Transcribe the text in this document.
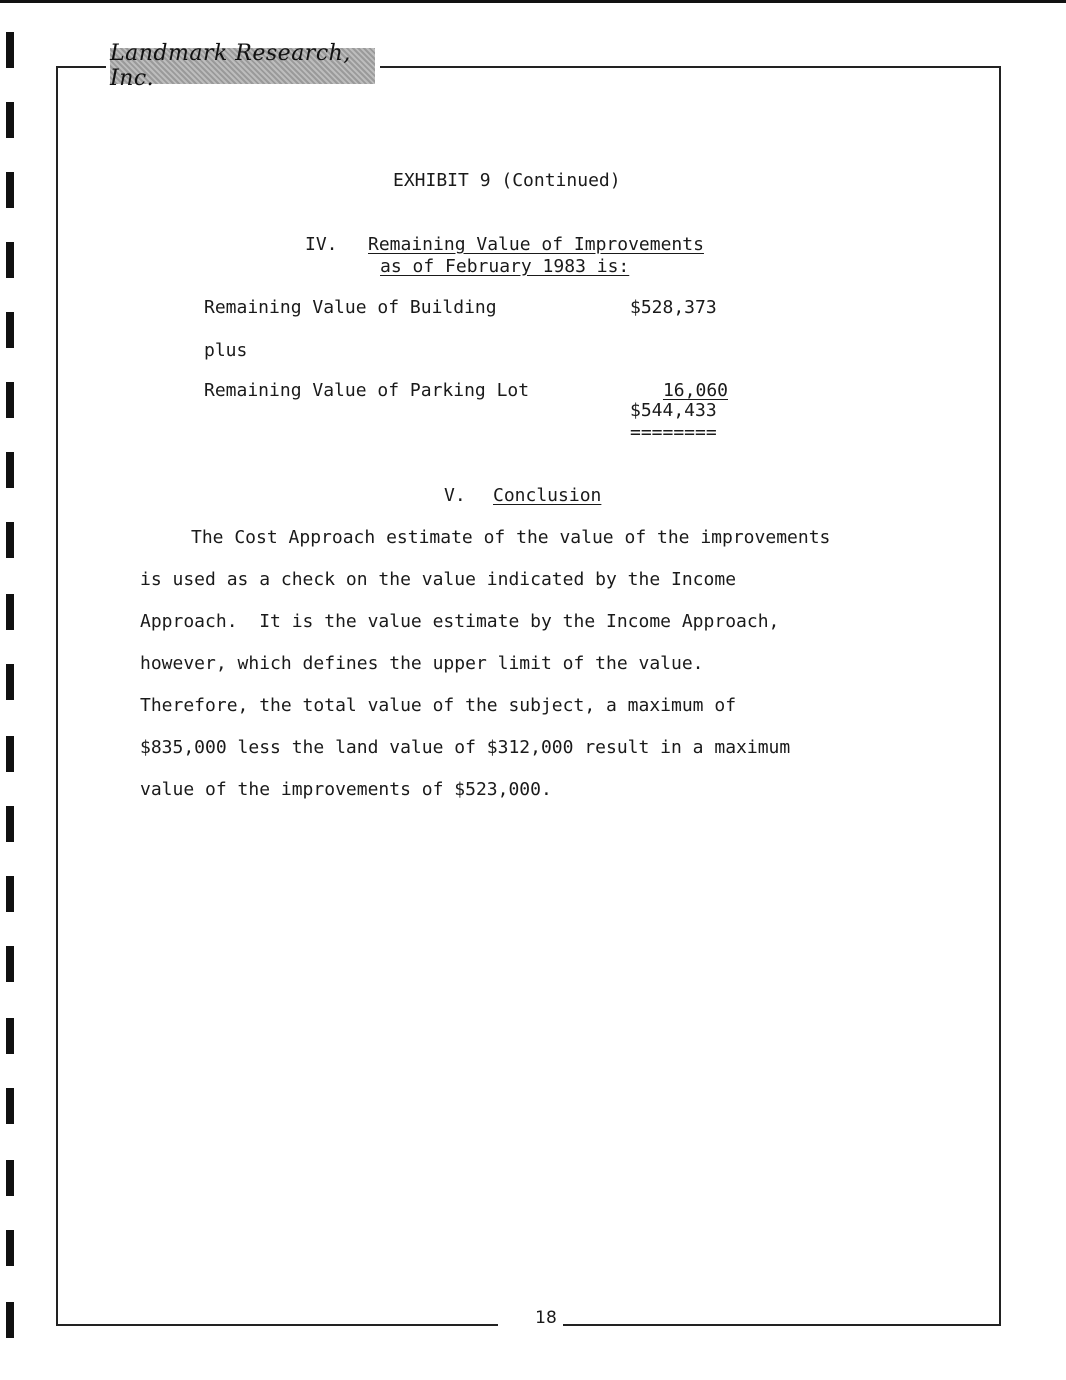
Landmark Research, Inc.
EXHIBIT 9 (Continued)
IV. Remaining Value of Improvements
as of February 1983 is:
Remaining Value of Building	$528,373
plus
Remaining Value of Parking Lot	16,060
$544,433
========
V. Conclusion
The Cost Approach estimate of the value of the improvements
is used as a check on the value indicated by the Income
Approach.  It is the value estimate by the Income Approach,
however, which defines the upper limit of the value.
Therefore, the total value of the subject, a maximum of
$835,000 less the land value of $312,000 result in a maximum
value of the improvements of $523,000.
18
